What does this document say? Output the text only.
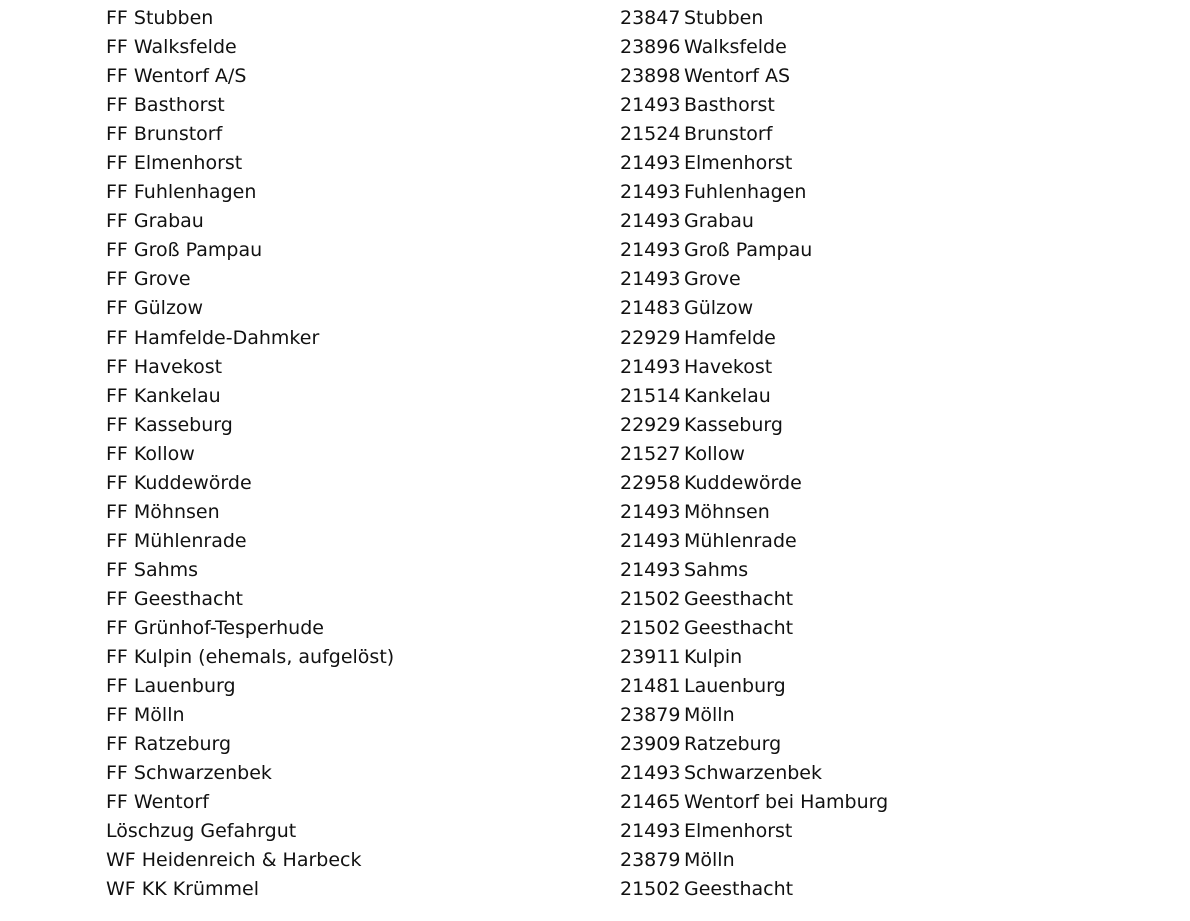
FF Stubben	23847 Stubben
FF Walksfelde	23896 Walksfelde
FF Wentorf A/S	23898 Wentorf AS
FF Basthorst	21493 Basthorst
FF Brunstorf	21524 Brunstorf
FF Elmenhorst	21493 Elmenhorst
FF Fuhlenhagen	21493 Fuhlenhagen
FF Grabau	21493 Grabau
FF Groß Pampau	21493 Groß Pampau
FF Grove	21493 Grove
FF Gülzow	21483 Gülzow
FF Hamfelde-Dahmker	22929 Hamfelde
FF Havekost	21493 Havekost
FF Kankelau	21514 Kankelau
FF Kasseburg	22929 Kasseburg
FF Kollow	21527 Kollow
FF Kuddewörde	22958 Kuddewörde
FF Möhnsen	21493 Möhnsen
FF Mühlenrade	21493 Mühlenrade
FF Sahms	21493 Sahms
FF Geesthacht	21502 Geesthacht
FF Grünhof-Tesperhude	21502 Geesthacht
FF Kulpin (ehemals, aufgelöst)	23911 Kulpin
FF Lauenburg	21481 Lauenburg
FF Mölln	23879 Mölln
FF Ratzeburg	23909 Ratzeburg
FF Schwarzenbek	21493 Schwarzenbek
FF Wentorf	21465 Wentorf bei Hamburg
Löschzug Gefahrgut	21493 Elmenhorst
WF Heidenreich & Harbeck	23879 Mölln
WF KK Krümmel	21502 Geesthacht
